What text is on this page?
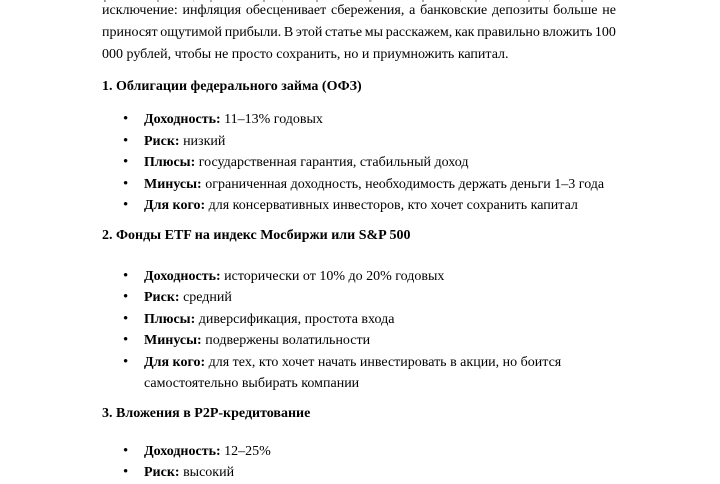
исключение: инфляция обесценивает сбережения, а банковские депозиты больше не
приносят ощутимой прибыли. В этой статье мы расскажем, как правильно вложить 100
000 рублей, чтобы не просто сохранить, но и приумножить капитал.
1. Облигации федерального займа (ОФЗ)
• Доходность: 11–13% годовых
• Риск: низкий
• Плюсы: государственная гарантия, стабильный доход
• Минусы: ограниченная доходность, необходимость держать деньги 1–3 года
• Для кого: для консервативных инвесторов, кто хочет сохранить капитал
2. Фонды ETF на индекс Мосбиржи или S&P 500
• Доходность: исторически от 10% до 20% годовых
• Риск: средний
• Плюсы: диверсификация, простота входа
• Минусы: подвержены волатильности
• Для кого: для тех, кто хочет начать инвестировать в акции, но боится самостоятельно выбирать компании
3. Вложения в P2P-кредитование
• Доходность: 12–25%
• Риск: высокий
